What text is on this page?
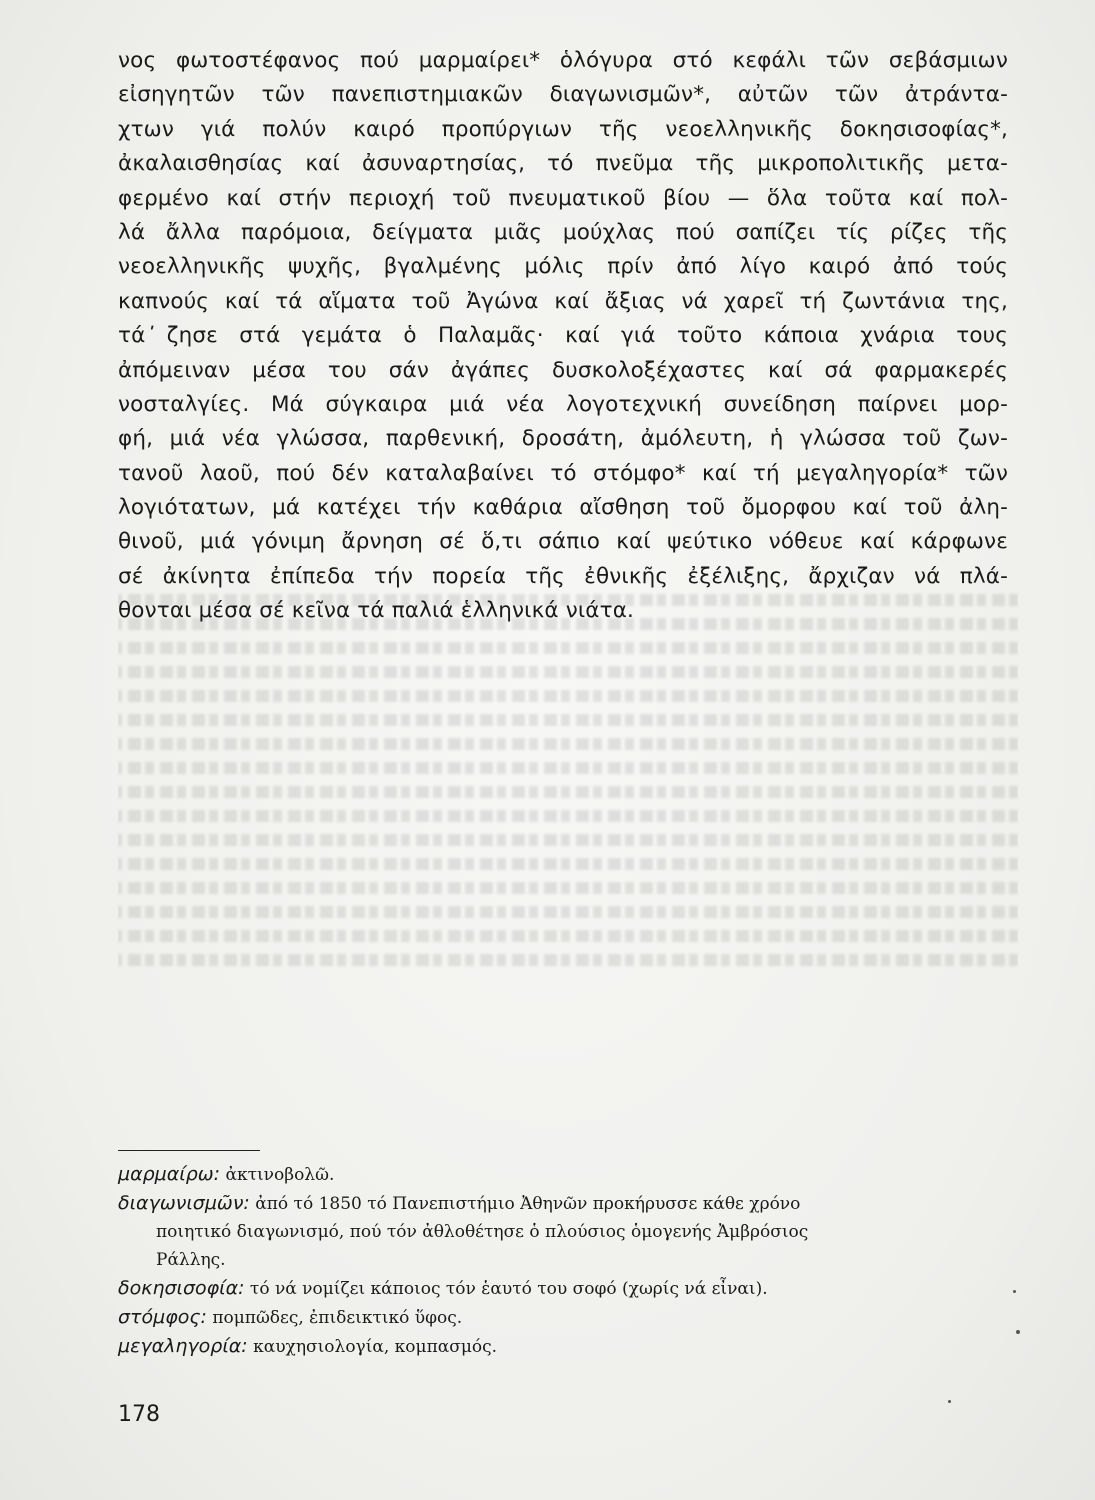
νος φωτοστέφανος πού μαρμαίρει* ὁλόγυρα στό κεφάλι τῶν σεβάσμιων
εἰσηγητῶν τῶν πανεπιστημιακῶν διαγωνισμῶν*, αὐτῶν τῶν ἀτράντα-
χτων γιά πολύν καιρό προπύργιων τῆς νεοελληνικῆς δοκησισοφίας*,
ἀκαλαισθησίας καί ἀσυναρτησίας, τό πνεῦμα τῆς μικροπολιτικῆς μετα-
φερμένο καί στήν περιοχή τοῦ πνευματικοῦ βίου — ὅλα τοῦτα καί πολ-
λά ἄλλα παρόμοια, δείγματα μιᾶς μούχλας πού σαπίζει τίς ρίζες τῆς
νεοελληνικῆς ψυχῆς, βγαλμένης μόλις πρίν ἀπό λίγο καιρό ἀπό τούς
καπνούς καί τά αἵματα τοῦ Ἀγώνα καί ἄξιας νά χαρεῖ τή ζωντάνια της,
τά ̕ζησε στά γεμάτα ὁ Παλαμᾶς· καί γιά τοῦτο κάποια χνάρια τους
ἀπόμειναν μέσα του σάν ἀγάπες δυσκολοξέχαστες καί σά φαρμακερές
νοσταλγίες. Μά σύγκαιρα μιά νέα λογοτεχνική συνείδηση παίρνει μορ-
φή, μιά νέα γλώσσα, παρθενική, δροσάτη, ἀμόλευτη, ἡ γλώσσα τοῦ ζων-
τανοῦ λαοῦ, πού δέν καταλαβαίνει τό στόμφο* καί τή μεγαληγορία* τῶν
λογιότατων, μά κατέχει τήν καθάρια αἴσθηση τοῦ ὄμορφου καί τοῦ ἀλη-
θινοῦ, μιά γόνιμη ἄρνηση σέ ὅ,τι σάπιο καί ψεύτικο νόθευε καί κάρφωνε
σέ ἀκίνητα ἐπίπεδα τήν πορεία τῆς ἐθνικῆς ἐξέλιξης, ἄρχιζαν νά πλά-
θονται μέσα σέ κεῖνα τά παλιά ἑλληνικά νιάτα.
μαρμαίρω: ἀκτινοβολῶ.
διαγωνισμῶν: ἀπό τό 1850 τό Πανεπιστήμιο Ἀθηνῶν προκήρυσσε κάθε χρόνο
ποιητικό διαγωνισμό, πού τόν ἀθλοθέτησε ὁ πλούσιος ὁμογενής Ἀμβρόσιος
Ράλλης.
δοκησισοφία: τό νά νομίζει κάποιος τόν ἑαυτό του σοφό (χωρίς νά εἶναι).
στόμφος: πομπῶδες, ἐπιδεικτικό ὕφος.
μεγαληγορία: καυχησιολογία, κομπασμός.
178
